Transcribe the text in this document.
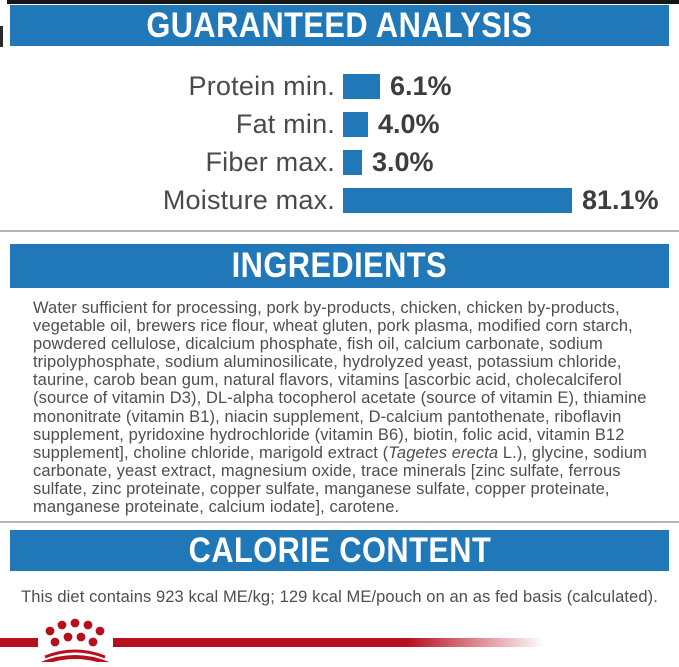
GUARANTEED ANALYSIS
Protein min. 6.1%
Fat min. 4.0%
Fiber max. 3.0%
Moisture max.	81.1%
INGREDIENTS
Water sufficient for processing, pork by-products, chicken, chicken by-products,
vegetable oil, brewers rice flour, wheat gluten, pork plasma, modified corn starch,
powdered cellulose, dicalcium phosphate, fish oil, calcium carbonate, sodium
tripolyphosphate, sodium aluminosilicate, hydrolyzed yeast, potassium chloride,
taurine, carob bean gum, natural flavors, vitamins [ascorbic acid, cholecalciferol
(source of vitamin D3), DL-alpha tocopherol acetate (source of vitamin E), thiamine
mononitrate (vitamin B1), niacin supplement, D-calcium pantothenate, riboflavin
supplement, pyridoxine hydrochloride (vitamin B6), biotin, folic acid, vitamin B12
supplement], choline chloride, marigold extract (Tagetes erecta L.), glycine, sodium
carbonate, yeast extract, magnesium oxide, trace minerals [zinc sulfate, ferrous
sulfate, zinc proteinate, copper sulfate, manganese sulfate, copper proteinate,
manganese proteinate, calcium iodate], carotene.
CALORIE CONTENT
This diet contains 923 kcal ME/kg; 129 kcal ME/pouch on an as fed basis (calculated).
